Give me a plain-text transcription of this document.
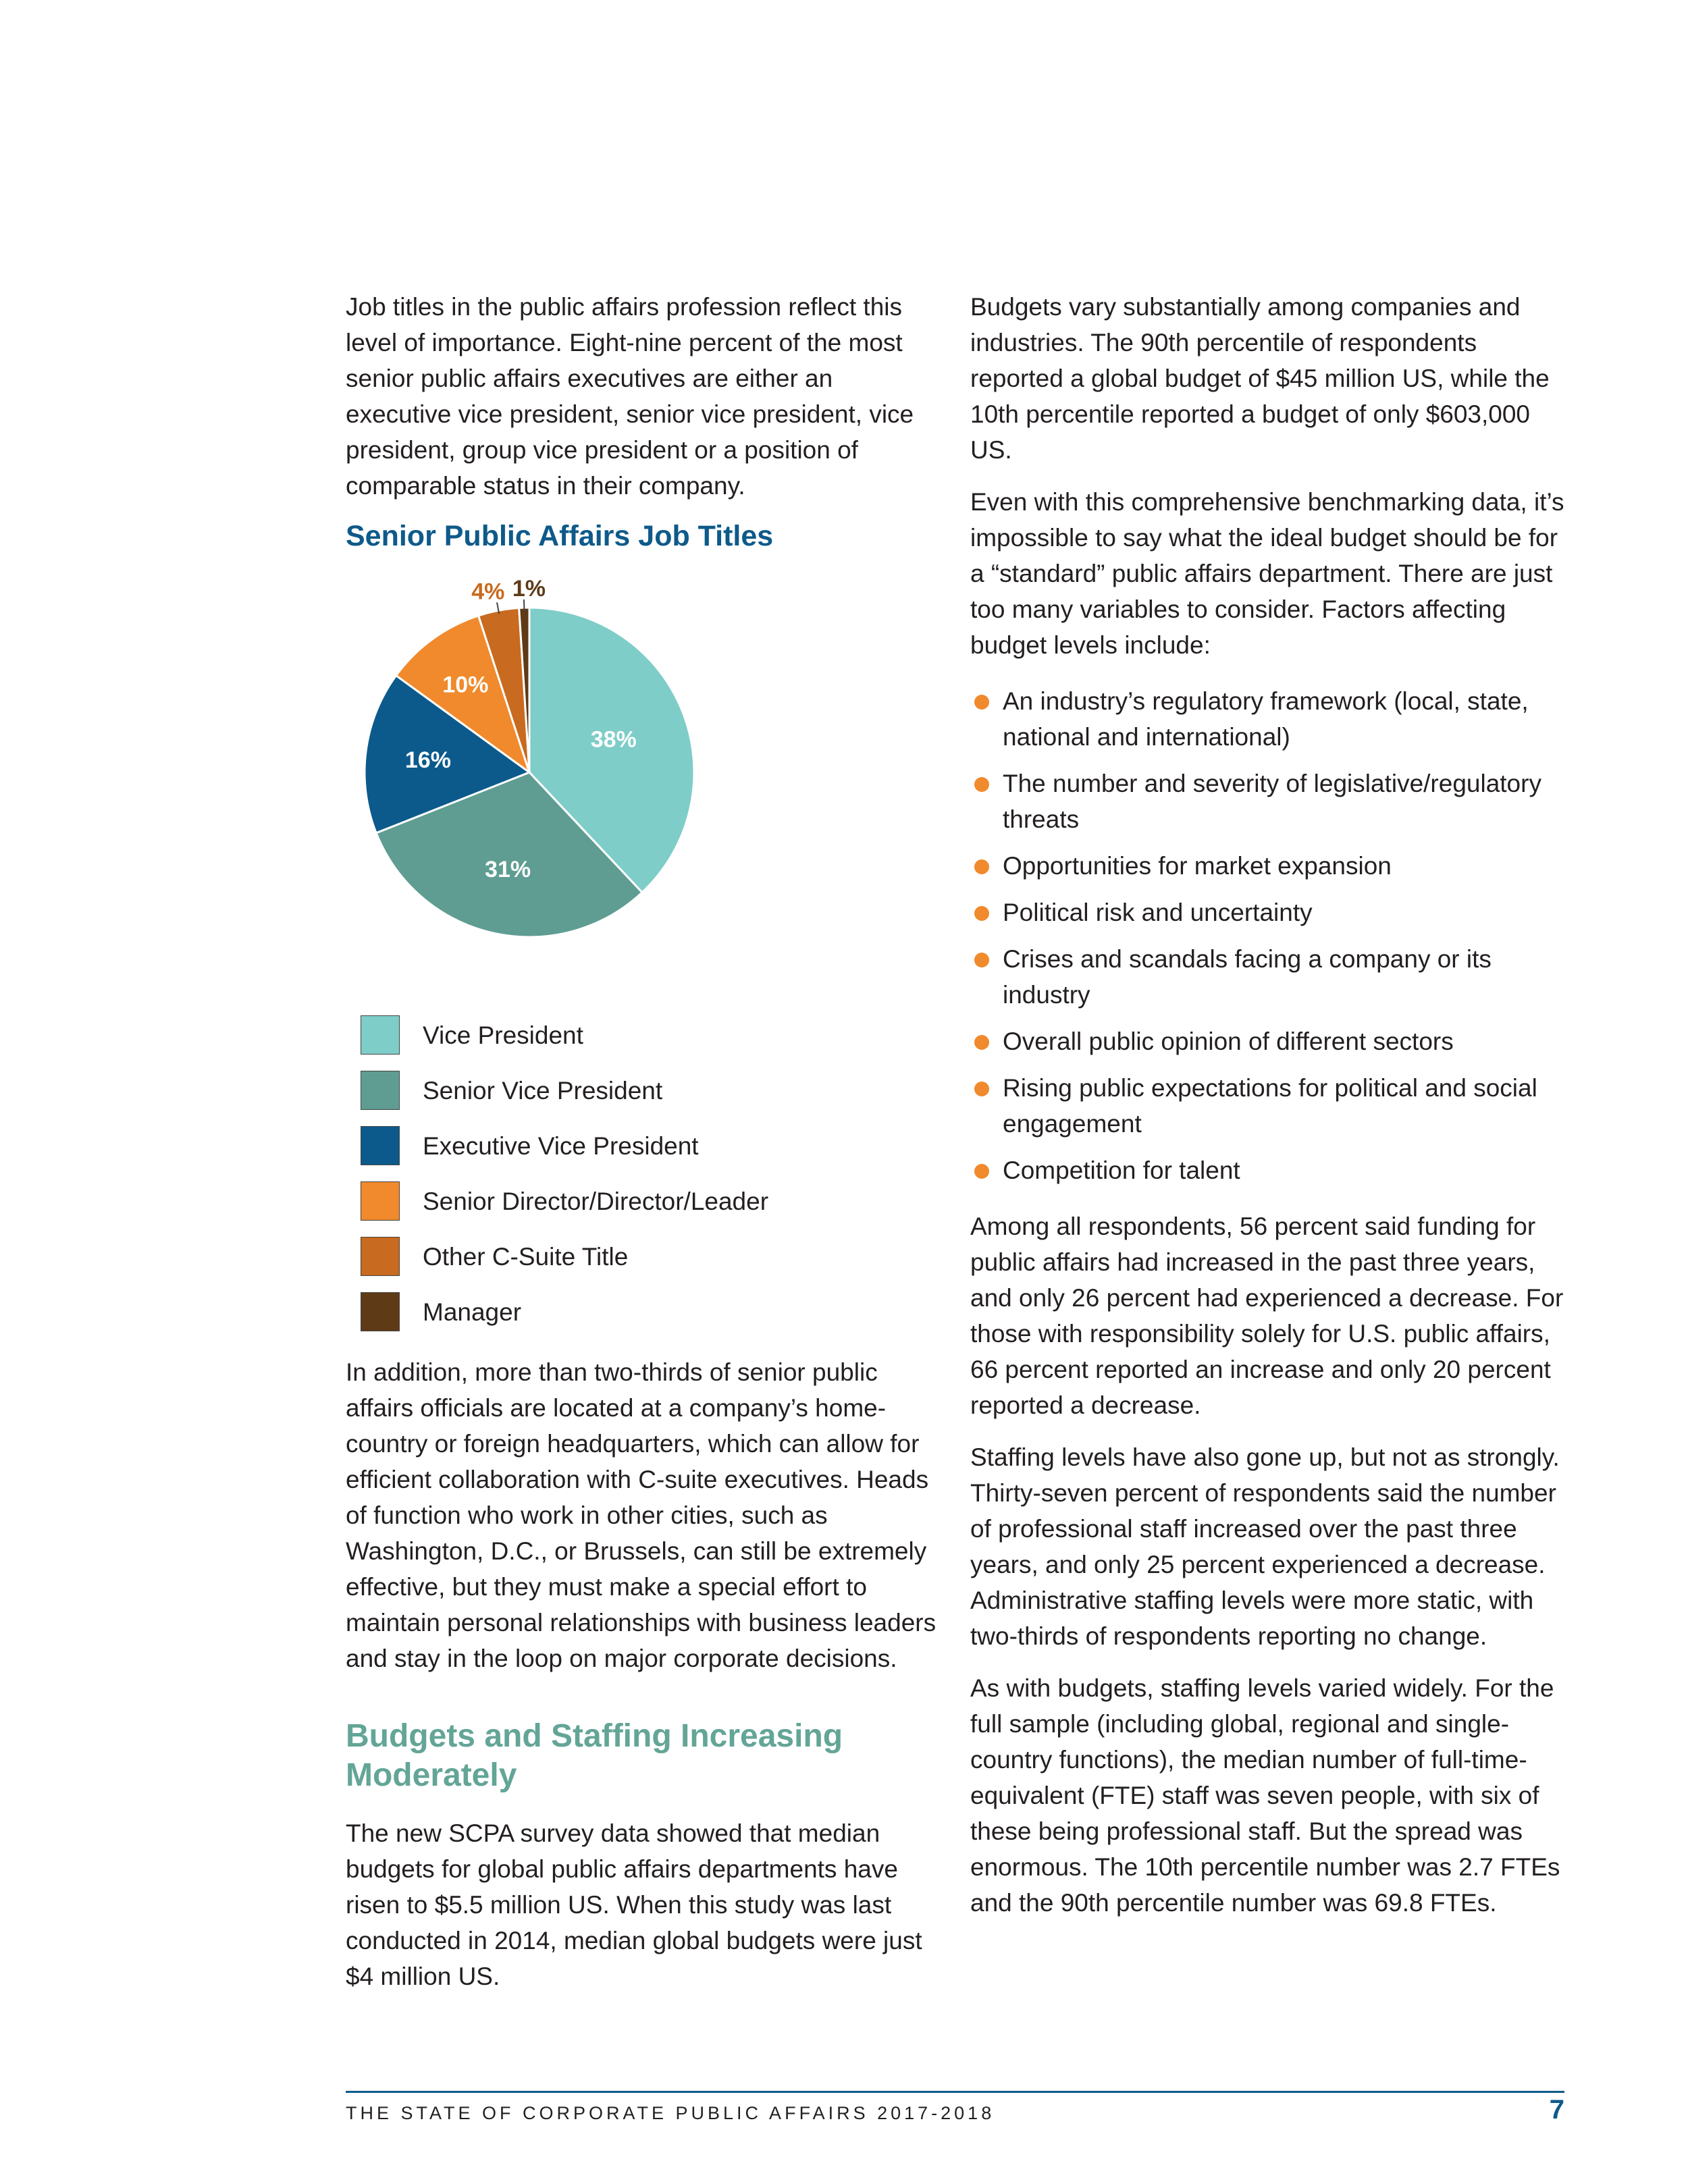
Job titles in the public affairs profession reflect this level of importance. Eight-nine percent of the most senior public affairs executives are either an executive vice president, senior vice president, vice president, group vice president or a position of comparable status in their company.

Senior Public Affairs Job Titles
38%
31%
16%
10%
4% 1%
Vice President
Senior Vice President
Executive Vice President
Senior Director/Director/Leader
Other C-Suite Title
Manager

In addition, more than two-thirds of senior public affairs officials are located at a company’s home-country or foreign headquarters, which can allow for efficient collaboration with C-suite executives. Heads of function who work in other cities, such as Washington, D.C., or Brussels, can still be extremely effective, but they must make a special effort to maintain personal relationships with business leaders and stay in the loop on major corporate decisions.

Budgets and Staffing Increasing Moderately

The new SCPA survey data showed that median budgets for global public affairs departments have risen to $5.5 million US. When this study was last conducted in 2014, median global budgets were just $4 million US.

Budgets vary substantially among companies and industries. The 90th percentile of respondents reported a global budget of $45 million US, while the 10th percentile reported a budget of only $603,000 US.

Even with this comprehensive benchmarking data, it’s impossible to say what the ideal budget should be for a “standard” public affairs department. There are just too many variables to consider. Factors affecting budget levels include:

An industry’s regulatory framework (local, state, national and international)
The number and severity of legislative/regulatory threats
Opportunities for market expansion
Political risk and uncertainty
Crises and scandals facing a company or its industry
Overall public opinion of different sectors
Rising public expectations for political and social engagement
Competition for talent

Among all respondents, 56 percent said funding for public affairs had increased in the past three years, and only 26 percent had experienced a decrease. For those with responsibility solely for U.S. public affairs, 66 percent reported an increase and only 20 percent reported a decrease.

Staffing levels have also gone up, but not as strongly. Thirty-seven percent of respondents said the number of professional staff increased over the past three years, and only 25 percent experienced a decrease. Administrative staffing levels were more static, with two-thirds of respondents reporting no change.

As with budgets, staffing levels varied widely. For the full sample (including global, regional and single-country functions), the median number of full-time-equivalent (FTE) staff was seven people, with six of these being professional staff. But the spread was enormous. The 10th percentile number was 2.7 FTEs and the 90th percentile number was 69.8 FTEs.

THE STATE OF CORPORATE PUBLIC AFFAIRS 2017-2018	7
